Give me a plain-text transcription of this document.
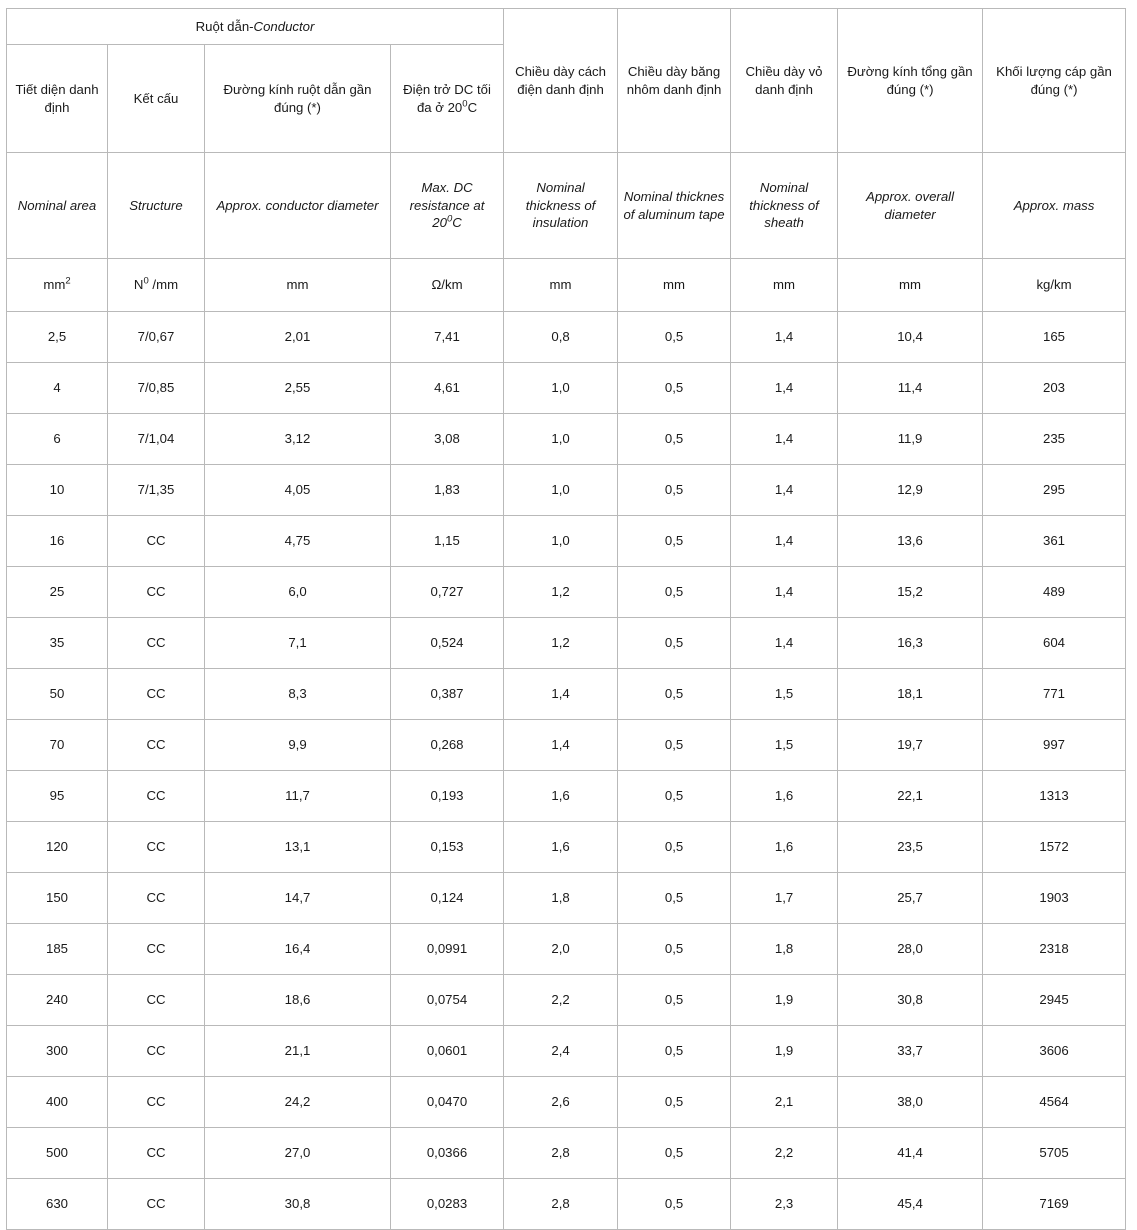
Ruột dẫn-Conductor				Chiều dày cách điện danh định	Chiều dày băng nhôm danh định	Chiều dày vỏ danh định	Đường kính tổng gần đúng (*)	Khối lượng cáp gần đúng (*)
Tiết diện danh định	Kết cấu	Đường kính ruột dẫn gần đúng (*)	Điện trở DC tối đa ở $20^0C$					
Nominal area	Structure	Approx. conductor diameter	Max. DC resistance at $20^0C$	Nominal thickness of insulation	Nominal thicknes of aluminum tape	Nominal thickness of sheath	Approx. overall diameter	Approx. mass
$mm^2$	$N^0$ /mm	mm	Ω/km	mm	mm	mm	mm	kg/km
2,5	7/0,67	2,01	7,41	0,8	0,5	1,4	10,4	165
4	7/0,85	2,55	4,61	1,0	0,5	1,4	11,4	203
6	7/1,04	3,12	3,08	1,0	0,5	1,4	11,9	235
10	7/1,35	4,05	1,83	1,0	0,5	1,4	12,9	295
16	CC	4,75	1,15	1,0	0,5	1,4	13,6	361
25	CC	6,0	0,727	1,2	0,5	1,4	15,2	489
35	CC	7,1	0,524	1,2	0,5	1,4	16,3	604
50	CC	8,3	0,387	1,4	0,5	1,5	18,1	771
70	CC	9,9	0,268	1,4	0,5	1,5	19,7	997
95	CC	11,7	0,193	1,6	0,5	1,6	22,1	1313
120	CC	13,1	0,153	1,6	0,5	1,6	23,5	1572
150	CC	14,7	0,124	1,8	0,5	1,7	25,7	1903
185	CC	16,4	0,0991	2,0	0,5	1,8	28,0	2318
240	CC	18,6	0,0754	2,2	0,5	1,9	30,8	2945
300	CC	21,1	0,0601	2,4	0,5	1,9	33,7	3606
400	CC	24,2	0,0470	2,6	0,5	2,1	38,0	4564
500	CC	27,0	0,0366	2,8	0,5	2,2	41,4	5705
630	CC	30,8	0,0283	2,8	0,5	2,3	45,4	7169
